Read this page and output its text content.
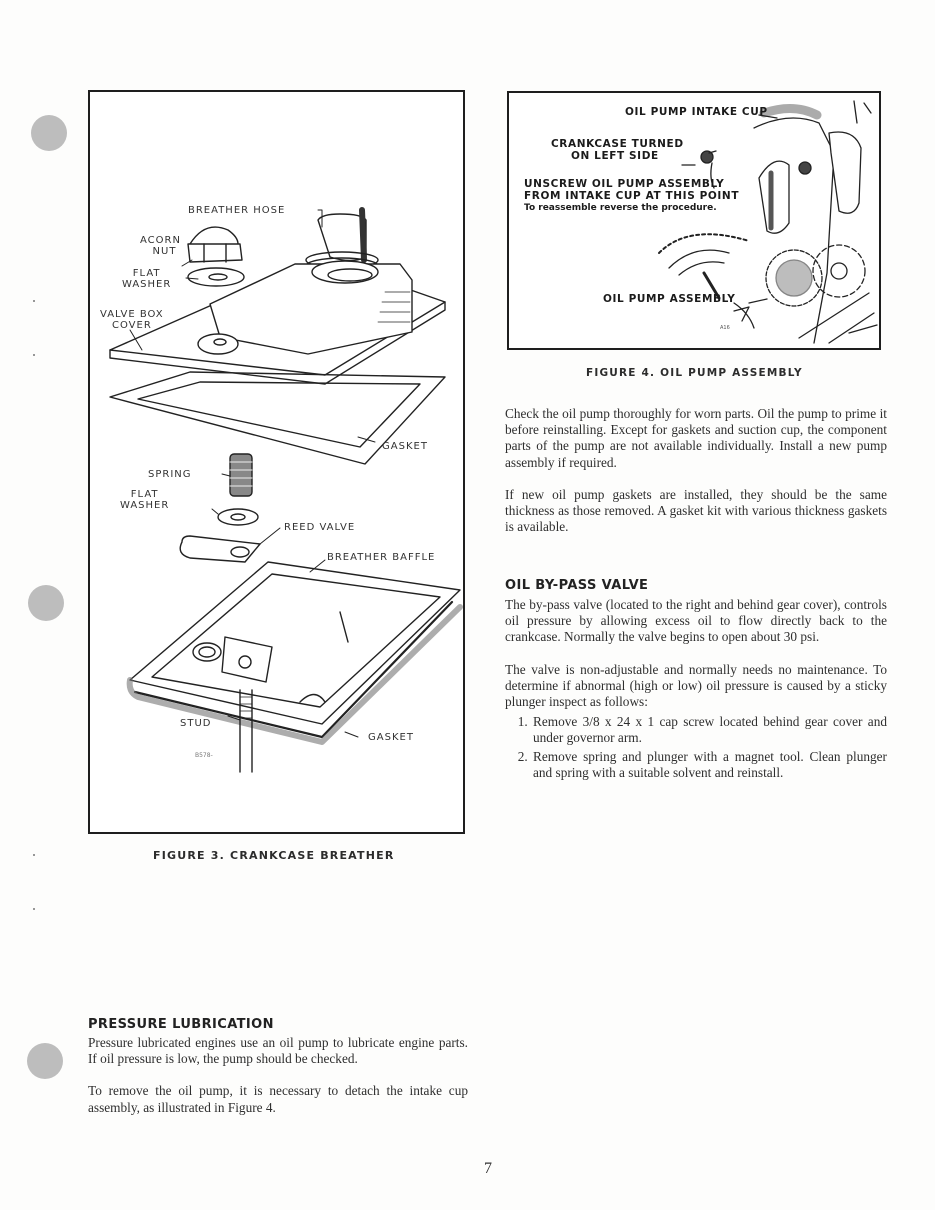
BREATHER HOSE
ACORN
NUT
FLAT
WASHER
VALVE BOX
COVER
GASKET
SPRING
FLAT
WASHER
REED VALVE
BREATHER BAFFLE
STUD
GASKET
B578-
FIGURE 3. CRANKCASE BREATHER
OIL PUMP INTAKE CUP
CRANKCASE TURNED
ON LEFT SIDE
UNSCREW OIL PUMP ASSEMBLY
FROM INTAKE CUP AT THIS POINT
To reassemble reverse the procedure.
OIL PUMP ASSEMBLY
A16
FIGURE 4. OIL PUMP ASSEMBLY

Check the oil pump thoroughly for worn parts. Oil the pump to prime it before reinstalling. Except for gaskets and suction cup, the component parts of the pump are not available individually. Install a new pump assembly if required.

If new oil pump gaskets are installed, they should be the same thickness as those removed. A gasket kit with various thickness gaskets is available.

OIL BY-PASS VALVE

The by-pass valve (located to the right and behind gear cover), controls oil pressure by allowing excess oil to flow directly back to the crankcase. Normally the valve begins to open about 30 psi.

The valve is non-adjustable and normally needs no maintenance. To determine if abnormal (high or low) oil pressure is caused by a sticky plunger inspect as follows:

1. Remove 3/8 x 24 x 1 cap screw located behind gear cover and under governor arm.
2. Remove spring and plunger with a magnet tool. Clean plunger and spring with a suitable solvent and reinstall.
PRESSURE LUBRICATION

Pressure lubricated engines use an oil pump to lubricate engine parts. If oil pressure is low, the pump should be checked.

To remove the oil pump, it is necessary to detach the intake cup assembly, as illustrated in Figure 4.

7
